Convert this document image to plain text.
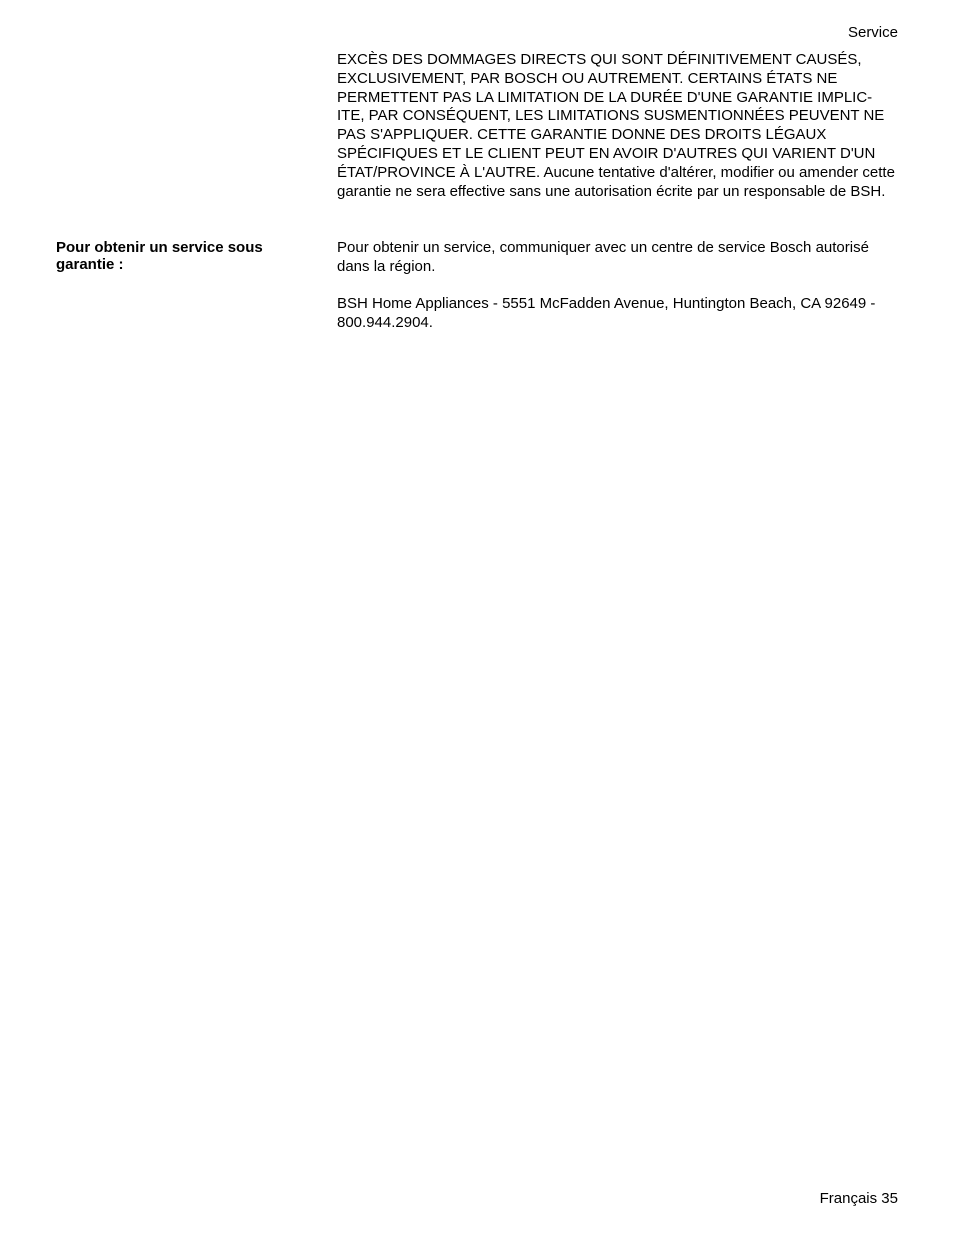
Service

EXCÈS DES DOMMAGES DIRECTS QUI SONT DÉFINITIVEMENT CAUSÉS, EXCLUSIVEMENT, PAR BOSCH OU AUTREMENT. CERTAINS ÉTATS NE PERMETTENT PAS LA LIMITATION DE LA DURÉE D'UNE GARANTIE IMPLIC-ITE, PAR CONSÉQUENT, LES LIMITATIONS SUSMENTIONNÉES PEUVENT NE PAS S'APPLIQUER. CETTE GARANTIE DONNE DES DROITS LÉGAUX SPÉCIFIQUES ET LE CLIENT PEUT EN AVOIR D'AUTRES QUI VARIENT D'UN ÉTAT/PROVINCE À L'AUTRE. Aucune tentative d'altérer, modifier ou amender cette garantie ne sera effective sans une autorisation écrite par un responsable de BSH.

Pour obtenir un service sous garantie :

Pour obtenir un service, communiquer avec un centre de service Bosch autorisé dans la région.

BSH Home Appliances - 5551 McFadden Avenue, Huntington Beach, CA 92649 - 800.944.2904.

Français 35
